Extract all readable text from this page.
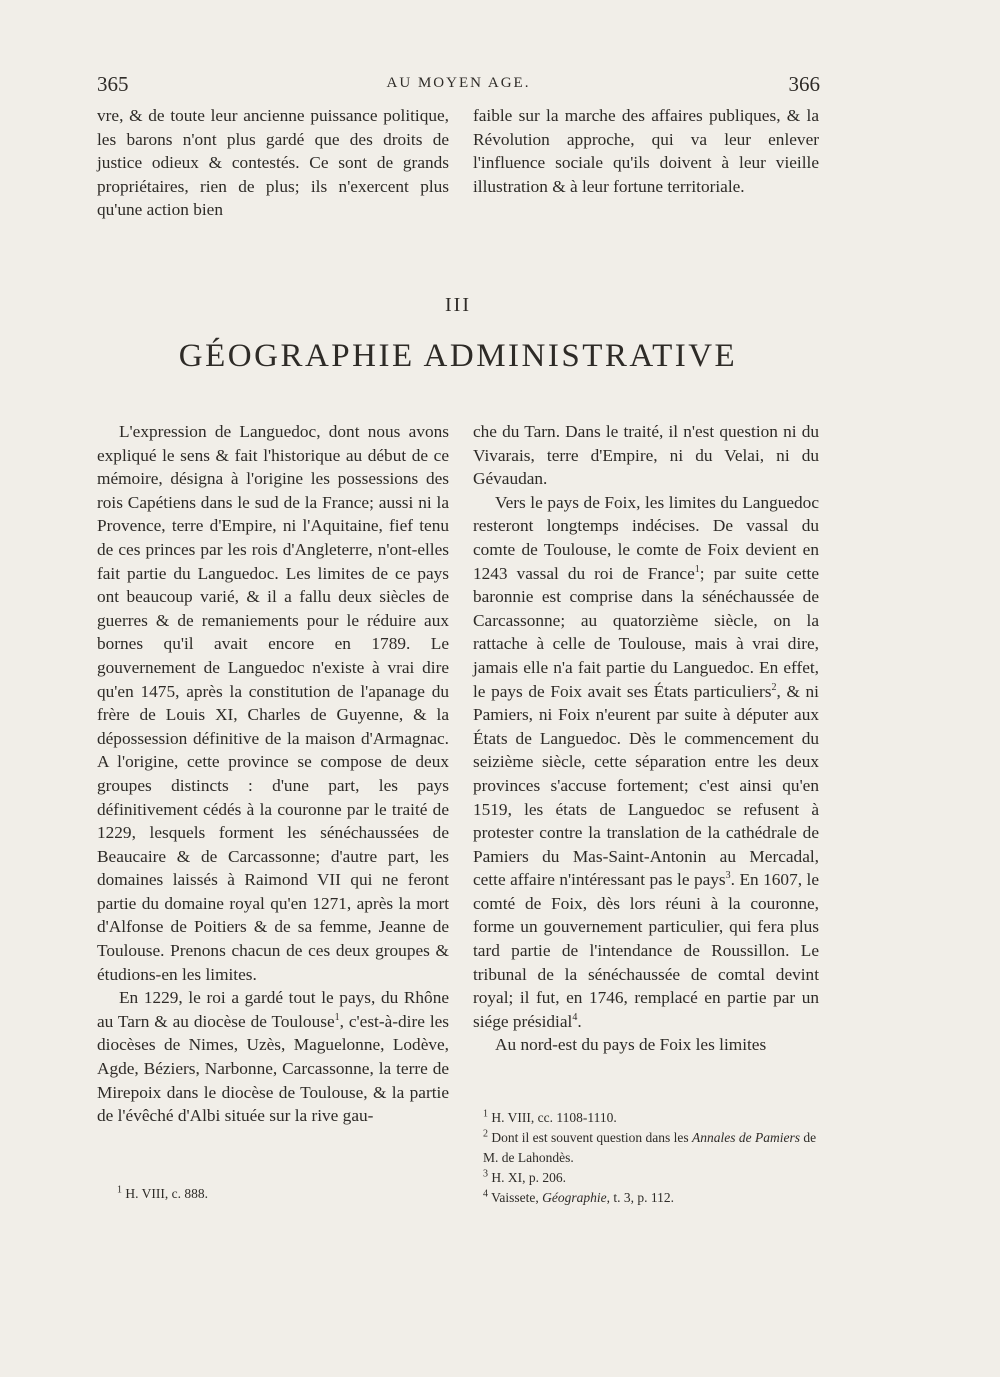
365	AU MOYEN AGE.	366

vre, & de toute leur ancienne puissance politique, les barons n'ont plus gardé que des droits de justice odieux & contestés. Ce sont de grands propriétaires, rien de plus; ils n'exercent plus qu'une action bien

faible sur la marche des affaires publiques, & la Révolution approche, qui va leur enlever l'influence sociale qu'ils doivent à leur vieille illustration & à leur fortune territoriale.

III
GÉOGRAPHIE ADMINISTRATIVE

L'expression de Languedoc, dont nous avons expliqué le sens & fait l'historique au début de ce mémoire, désigna à l'origine les possessions des rois Capétiens dans le sud de la France; aussi ni la Provence, terre d'Empire, ni l'Aquitaine, fief tenu de ces princes par les rois d'Angleterre, n'ont-elles fait partie du Languedoc. Les limites de ce pays ont beaucoup varié, & il a fallu deux siècles de guerres & de remaniements pour le réduire aux bornes qu'il avait encore en 1789. Le gouvernement de Languedoc n'existe à vrai dire qu'en 1475, après la constitution de l'apanage du frère de Louis XI, Charles de Guyenne, & la dépossession définitive de la maison d'Armagnac. A l'origine, cette province se compose de deux groupes distincts : d'une part, les pays définitivement cédés à la couronne par le traité de 1229, lesquels forment les sénéchaussées de Beaucaire & de Carcassonne; d'autre part, les domaines laissés à Raimond VII qui ne feront partie du domaine royal qu'en 1271, après la mort d'Alfonse de Poitiers & de sa femme, Jeanne de Toulouse. Prenons chacun de ces deux groupes & étudions-en les limites.

En 1229, le roi a gardé tout le pays, du Rhône au Tarn & au diocèse de Toulouse$^1$, c'est-à-dire les diocèses de Nimes, Uzès, Maguelonne, Lodève, Agde, Béziers, Narbonne, Carcassonne, la terre de Mirepoix dans le diocèse de Toulouse, & la partie de l'évêché d'Albi située sur la rive gau-

che du Tarn. Dans le traité, il n'est question ni du Vivarais, terre d'Empire, ni du Velai, ni du Gévaudan.

Vers le pays de Foix, les limites du Languedoc resteront longtemps indécises. De vassal du comte de Toulouse, le comte de Foix devient en 1243 vassal du roi de France$^1$; par suite cette baronnie est comprise dans la sénéchaussée de Carcassonne; au quatorzième siècle, on la rattache à celle de Toulouse, mais à vrai dire, jamais elle n'a fait partie du Languedoc. En effet, le pays de Foix avait ses États particuliers$^2$, & ni Pamiers, ni Foix n'eurent par suite à députer aux États de Languedoc. Dès le commencement du seizième siècle, cette séparation entre les deux provinces s'accuse fortement; c'est ainsi qu'en 1519, les états de Languedoc se refusent à protester contre la translation de la cathédrale de Pamiers du Mas-Saint-Antonin au Mercadal, cette affaire n'intéressant pas le pays$^3$. En 1607, le comté de Foix, dès lors réuni à la couronne, forme un gouvernement particulier, qui fera plus tard partie de l'intendance de Roussillon. Le tribunal de la sénéchaussée de comtal devint royal; il fut, en 1746, remplacé en partie par un siége présidial$^4$.

Au nord-est du pays de Foix les limites

$^1$ H. VIII, c. 888.
$^1$ H. VIII, cc. 1108-1110.
$^2$ Dont il est souvent question dans les Annales de Pamiers de M. de Lahondès.
$^3$ H. XI, p. 206.
$^4$ Vaissete, Géographie, t. 3, p. 112.
